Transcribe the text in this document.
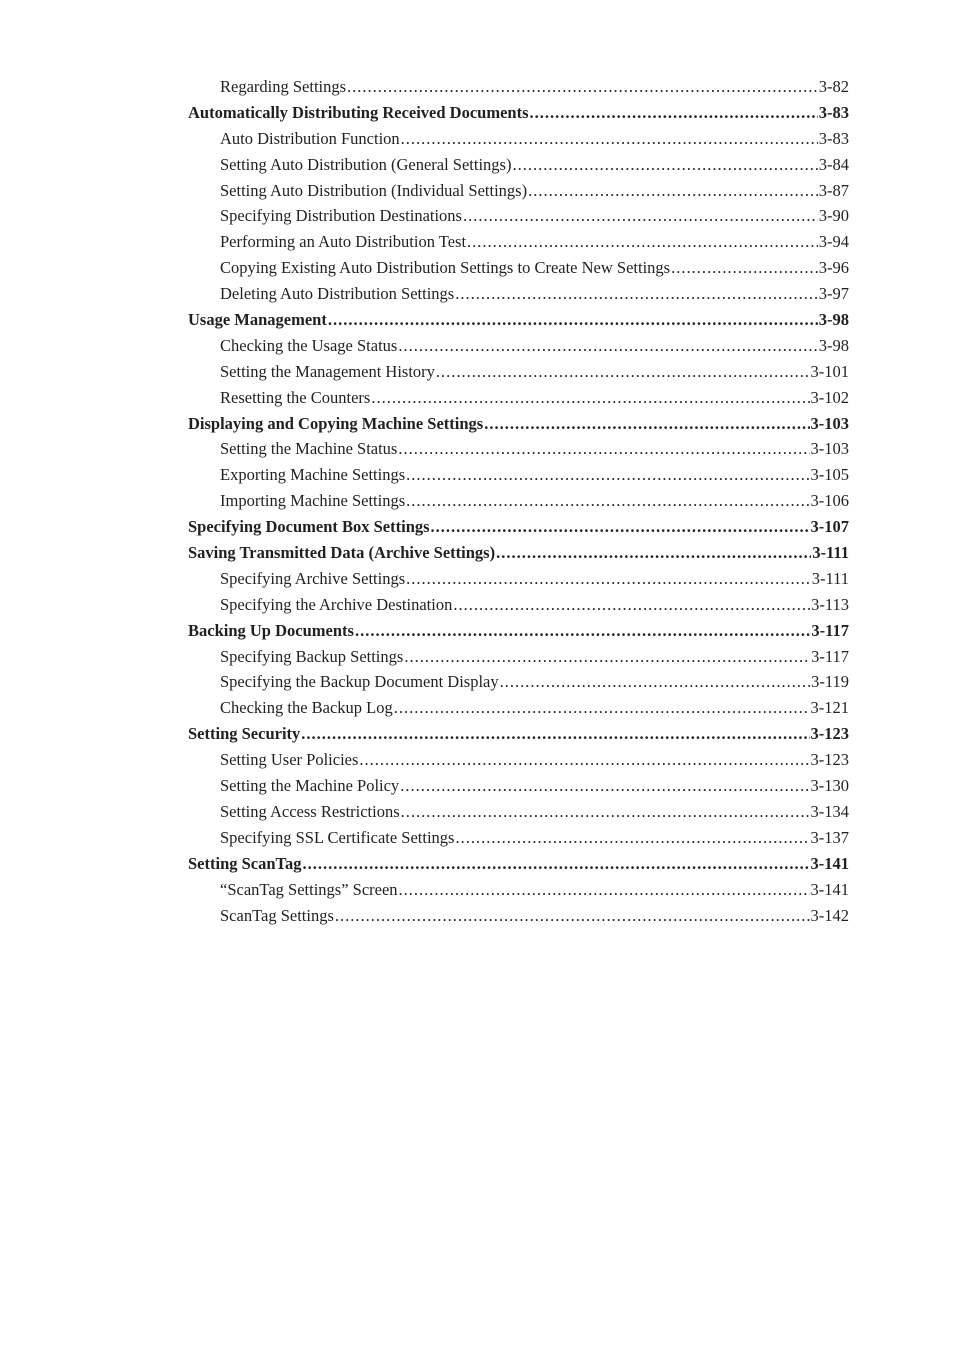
Regarding Settings .....	3-82
Automatically Distributing Received Documents .....	3-83
Auto Distribution Function .....	3-83
Setting Auto Distribution (General Settings) .....	3-84
Setting Auto Distribution (Individual Settings) .....	3-87
Specifying Distribution Destinations .....	3-90
Performing an Auto Distribution Test .....	3-94
Copying Existing Auto Distribution Settings to Create New Settings .....	3-96
Deleting Auto Distribution Settings .....	3-97
Usage Management .....	3-98
Checking the Usage Status .....	3-98
Setting the Management History .....	3-101
Resetting the Counters .....	3-102
Displaying and Copying Machine Settings .....	3-103
Setting the Machine Status .....	3-103
Exporting Machine Settings .....	3-105
Importing Machine Settings .....	3-106
Specifying Document Box Settings .....	3-107
Saving Transmitted Data (Archive Settings) .....	3-111
Specifying Archive Settings .....	3-111
Specifying the Archive Destination .....	3-113
Backing Up Documents .....	3-117
Specifying Backup Settings .....	3-117
Specifying the Backup Document Display .....	3-119
Checking the Backup Log .....	3-121
Setting Security .....	3-123
Setting User Policies .....	3-123
Setting the Machine Policy .....	3-130
Setting Access Restrictions .....	3-134
Specifying SSL Certificate Settings .....	3-137
Setting ScanTag .....	3-141
“ScanTag Settings” Screen .....	3-141
ScanTag Settings .....	3-142
